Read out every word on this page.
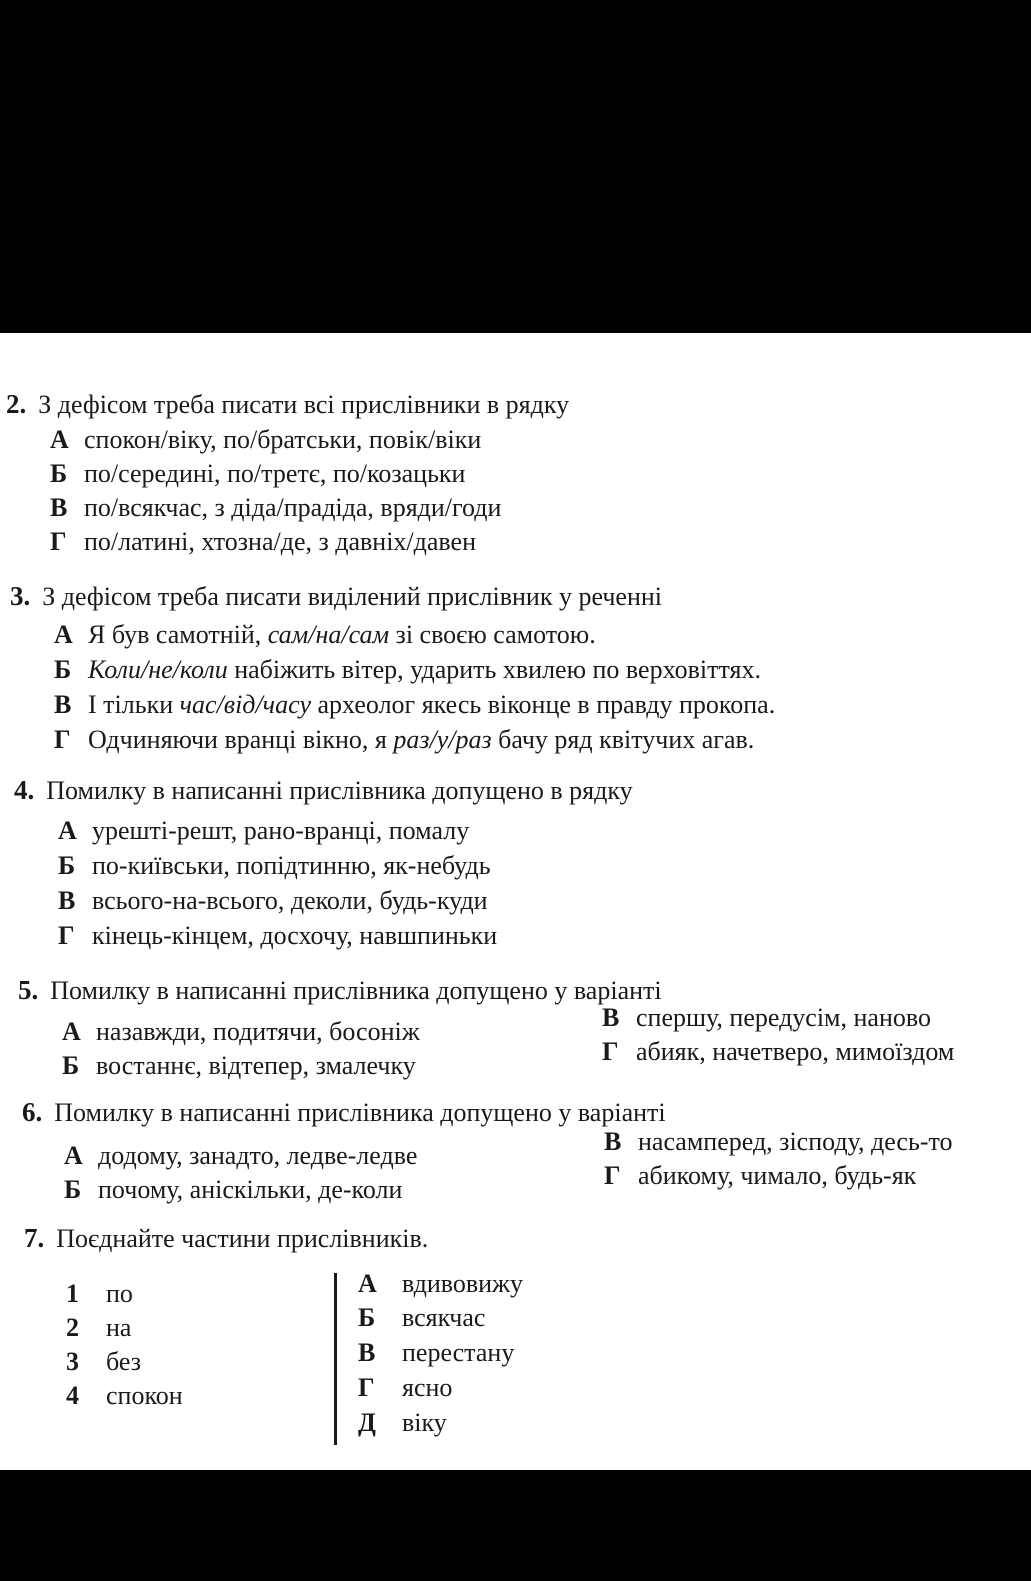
2. З дефісом треба писати всі прислівники в рядку
А спокон/віку, по/братськи, повік/віки
Б по/середині, по/третє, по/козацьки
В по/всякчас, з діда/прадіда, вряди/годи
Г по/латині, хтозна/де, з давніх/давен
3. З дефісом треба писати виділений прислівник у реченні
А Я був самотній, сам/на/сам зі своєю самотою.
Б Коли/не/коли набіжить вітер, ударить хвилею по верховіттях.
В І тільки час/від/часу археолог якесь віконце в правду прокопа.
Г Одчиняючи вранці вікно, я раз/у/раз бачу ряд квітучих агав.
4. Помилку в написанні прислівника допущено в рядку
А урешті-решт, рано-вранці, помалу
Б по-київськи, попідтинню, як-небудь
В всього-на-всього, деколи, будь-куди
Г кінець-кінцем, досхочу, навшпиньки
5. Помилку в написанні прислівника допущено у варіанті
А назавжди, подитячи, босоніж
Б востаннє, відтепер, змалечку
В спершу, передусім, наново
Г абияк, начетверо, мимоїздом
6. Помилку в написанні прислівника допущено у варіанті
А додому, занадто, ледве-ледве
Б почому, аніскільки, де-коли
В насамперед, зісподу, десь-то
Г абикому, чимало, будь-як
7. Поєднайте частини прислівників.
1 по
2 на
3 без
4 спокон
А вдивовижу
Б всякчас
В перестану
Г ясно
Д віку
